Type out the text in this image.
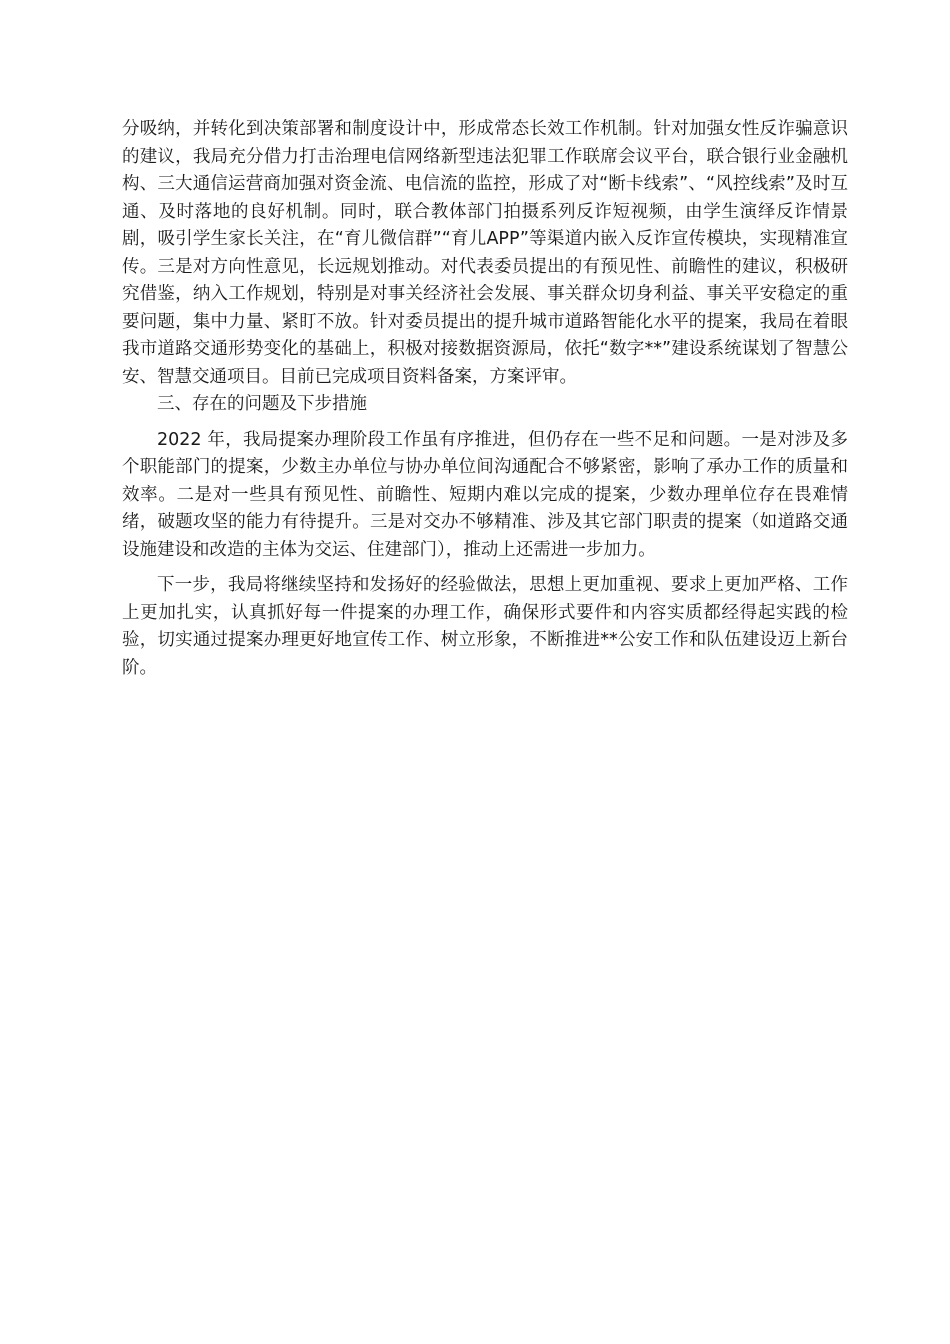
分吸纳，并转化到决策部署和制度设计中，形成常态长效工作机制。针对加强女性反诈骗意识的建议，我局充分借力打击治理电信网络新型违法犯罪工作联席会议平台，联合银行业金融机构、三大通信运营商加强对资金流、电信流的监控，形成了对“断卡线索”、“风控线索”及时互通、及时落地的良好机制。同时，联合教体部门拍摄系列反诈短视频，由学生演绎反诈情景剧，吸引学生家长关注，在“育儿微信群”“育儿APP”等渠道内嵌入反诈宣传模块，实现精准宣传。三是对方向性意见，长远规划推动。对代表委员提出的有预见性、前瞻性的建议，积极研究借鉴，纳入工作规划，特别是对事关经济社会发展、事关群众切身利益、事关平安稳定的重要问题，集中力量、紧盯不放。针对委员提出的提升城市道路智能化水平的提案，我局在着眼我市道路交通形势变化的基础上，积极对接数据资源局，依托“数字**”建设系统谋划了智慧公安、智慧交通项目。目前已完成项目资料备案，方案评审。

三、存在的问题及下步措施

2022 年，我局提案办理阶段工作虽有序推进，但仍存在一些不足和问题。一是对涉及多个职能部门的提案，少数主办单位与协办单位间沟通配合不够紧密，影响了承办工作的质量和效率。二是对一些具有预见性、前瞻性、短期内难以完成的提案，少数办理单位存在畏难情绪，破题攻坚的能力有待提升。三是对交办不够精准、涉及其它部门职责的提案（如道路交通设施建设和改造的主体为交运、住建部门），推动上还需进一步加力。

下一步，我局将继续坚持和发扬好的经验做法，思想上更加重视、要求上更加严格、工作上更加扎实，认真抓好每一件提案的办理工作，确保形式要件和内容实质都经得起实践的检验，切实通过提案办理更好地宣传工作、树立形象，不断推进**公安工作和队伍建设迈上新台阶。
